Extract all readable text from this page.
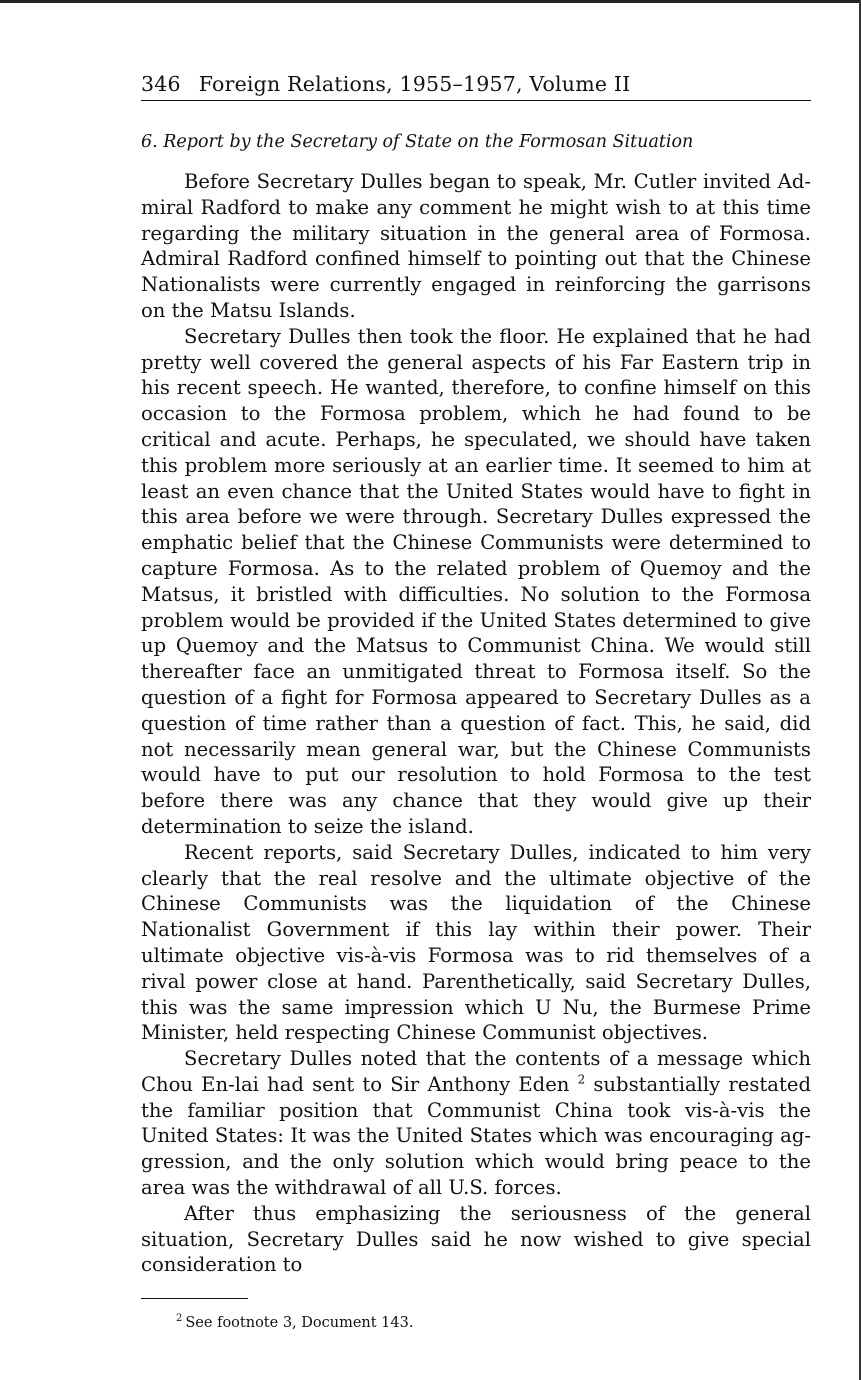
346 Foreign Relations, 1955–1957, Volume II
6. Report by the Secretary of State on the Formosan Situation

Before Secretary Dulles began to speak, Mr. Cutler invited Admiral Radford to make any comment he might wish to at this time regarding the military situation in the general area of Formosa. Admiral Radford confined himself to pointing out that the Chinese Nationalists were currently engaged in reinforcing the garrisons on the Matsu Islands.

Secretary Dulles then took the floor. He explained that he had pretty well covered the general aspects of his Far Eastern trip in his recent speech. He wanted, therefore, to confine himself on this occasion to the Formosa problem, which he had found to be critical and acute. Perhaps, he speculated, we should have taken this problem more seriously at an earlier time. It seemed to him at least an even chance that the United States would have to fight in this area before we were through. Secretary Dulles expressed the emphatic belief that the Chinese Communists were determined to capture Formosa. As to the related problem of Quemoy and the Matsus, it bristled with difficulties. No solution to the Formosa problem would be provided if the United States determined to give up Quemoy and the Matsus to Communist China. We would still thereafter face an unmitigated threat to Formosa itself. So the question of a fight for Formosa appeared to Secretary Dulles as a question of time rather than a question of fact. This, he said, did not necessarily mean general war, but the Chinese Communists would have to put our resolution to hold Formosa to the test before there was any chance that they would give up their determination to seize the island.

Recent reports, said Secretary Dulles, indicated to him very clearly that the real resolve and the ultimate objective of the Chinese Communists was the liquidation of the Chinese Nationalist Government if this lay within their power. Their ultimate objective vis-à-vis Formosa was to rid themselves of a rival power close at hand. Parenthetically, said Secretary Dulles, this was the same impression which U Nu, the Burmese Prime Minister, held respecting Chinese Communist objectives.

Secretary Dulles noted that the contents of a message which Chou En-lai had sent to Sir Anthony Eden $^2$ substantially restated the familiar position that Communist China took vis-à-vis the United States: It was the United States which was encouraging aggression, and the only solution which would bring peace to the area was the withdrawal of all U.S. forces.

After thus emphasizing the seriousness of the general situation, Secretary Dulles said he now wished to give special consideration to

$^2$ See footnote 3, Document 143.
